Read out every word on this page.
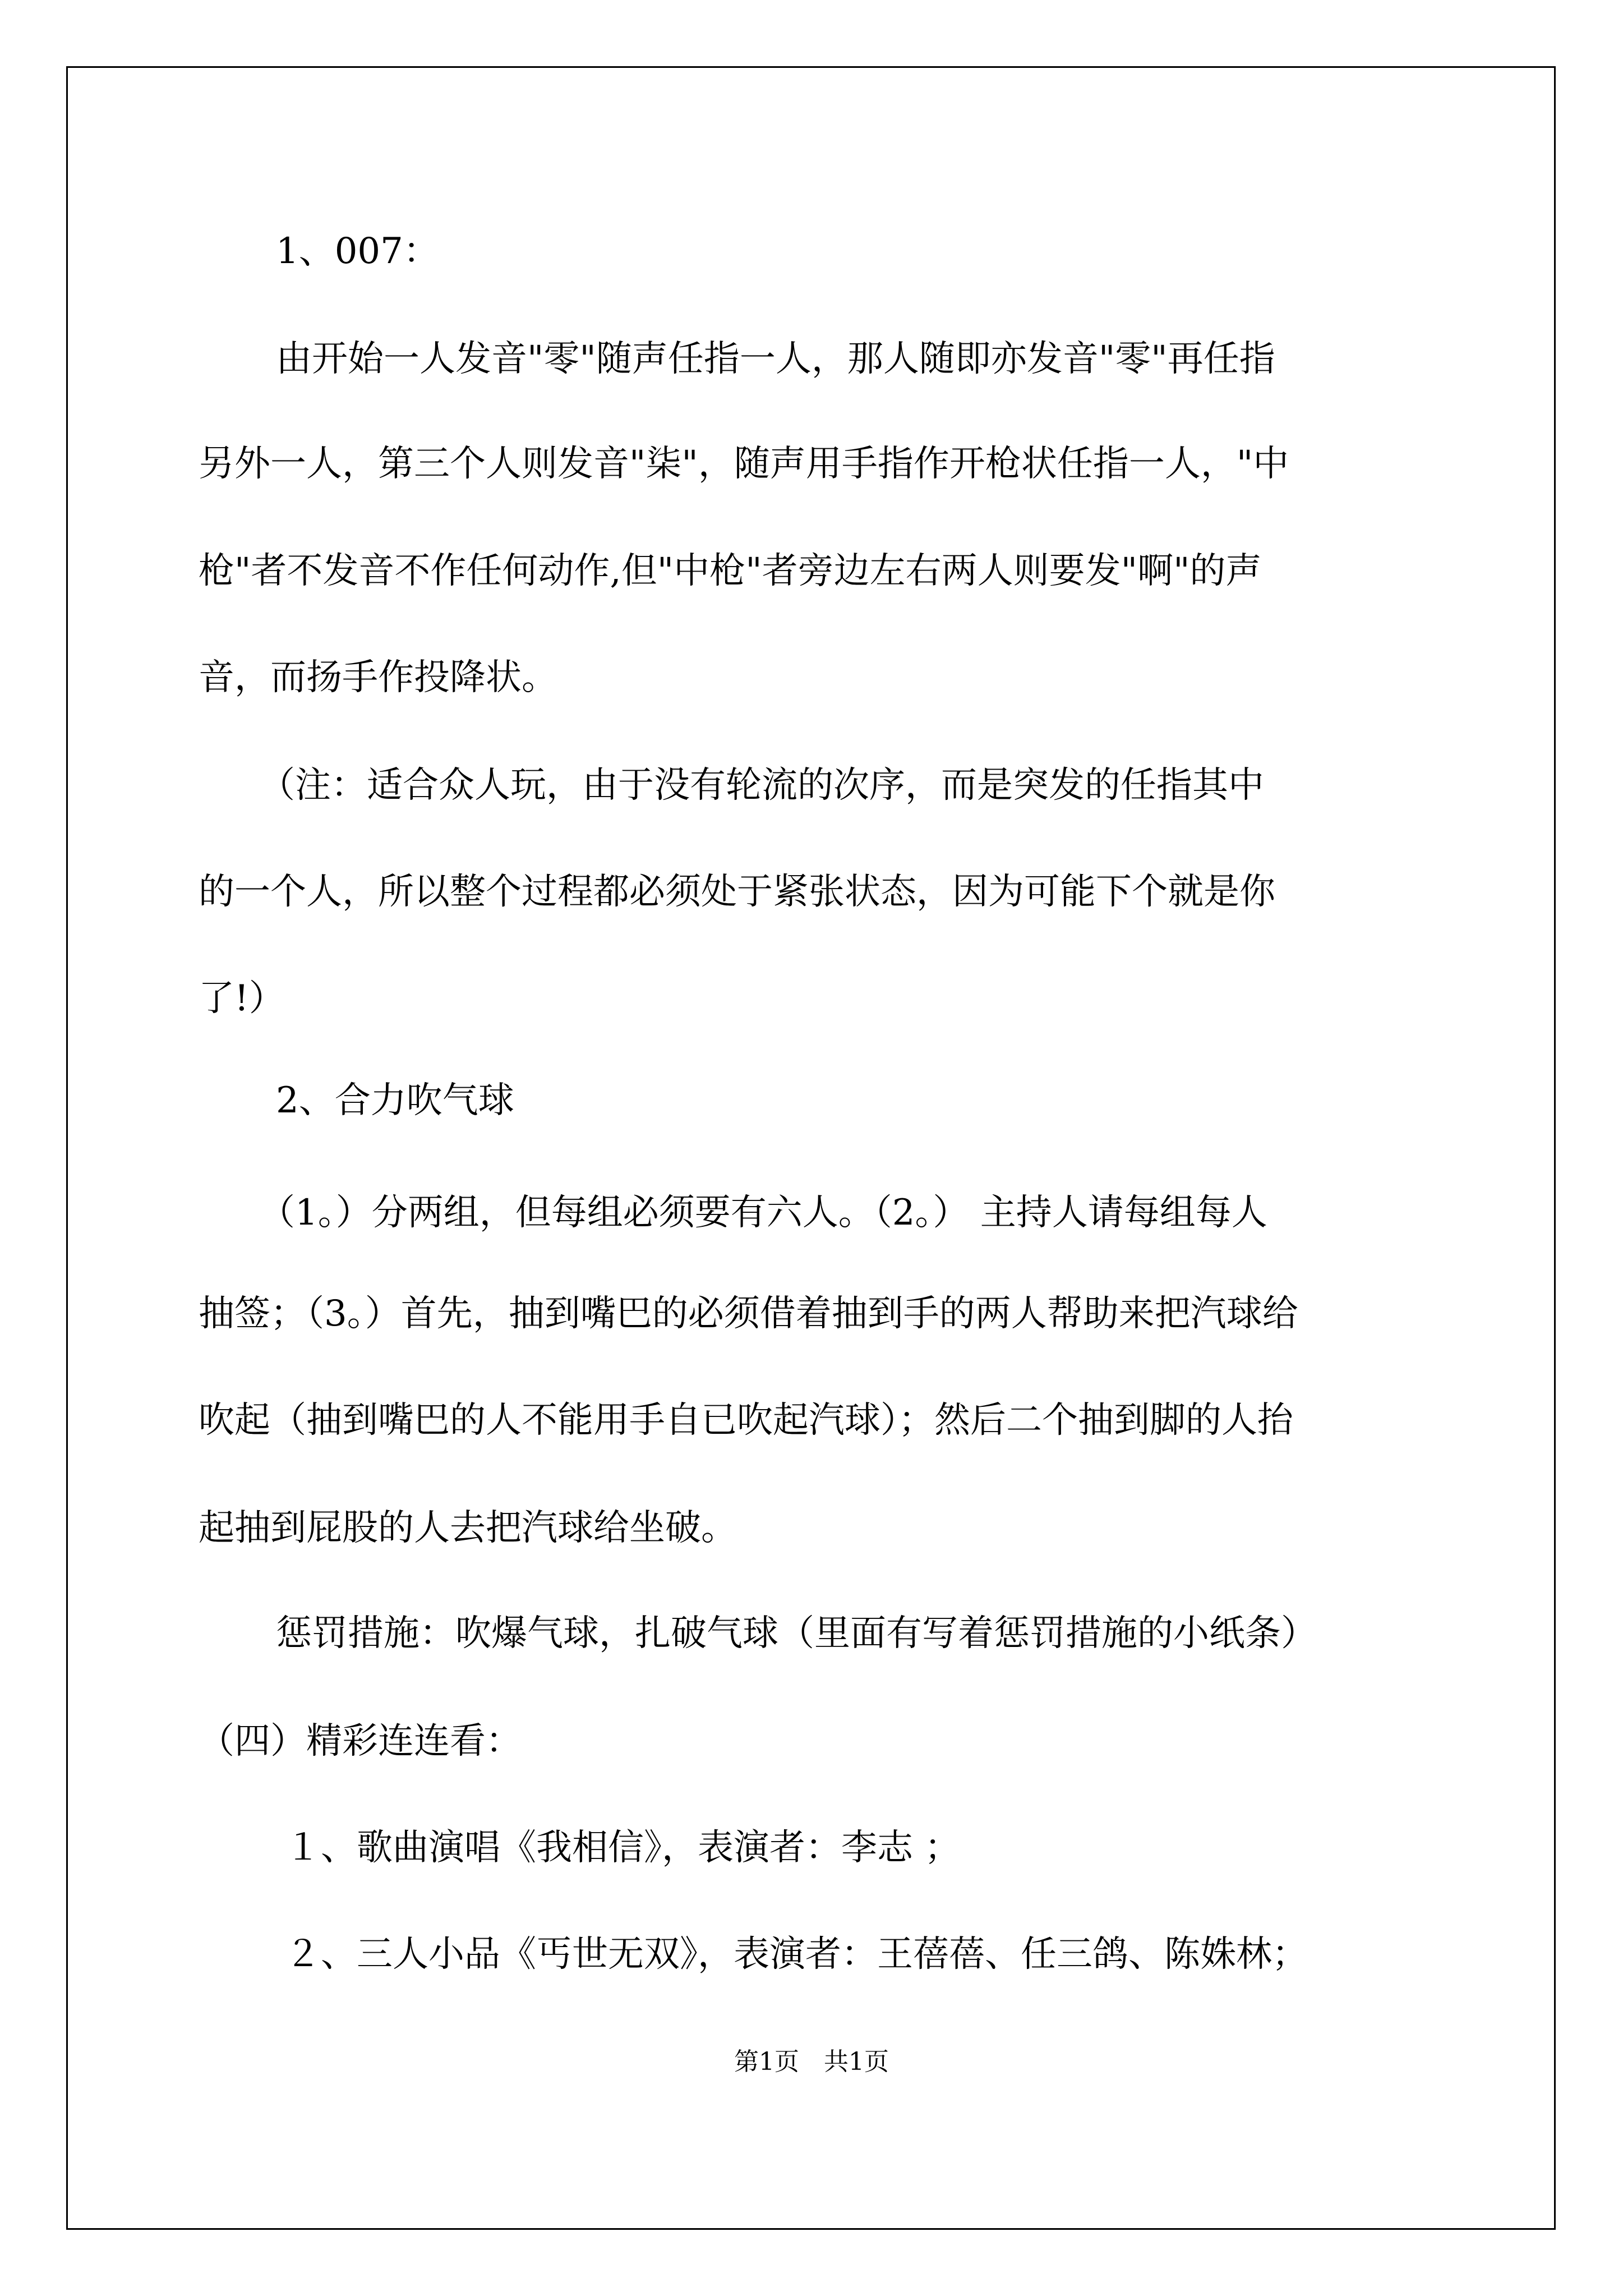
1、007：
由开始一人发音"零"随声任指一人，那人随即亦发音"零"再任指
另外一人，第三个人则发音"柒"，随声用手指作开枪状任指一人，"中
枪"者不发音不作任何动作,但"中枪"者旁边左右两人则要发"啊"的声
音，而扬手作投降状。
（注：适合众人玩，由于没有轮流的次序，而是突发的任指其中
的一个人，所以整个过程都必须处于紧张状态，因为可能下个就是你
了!）
2、合力吹气球
（1。）分两组，但每组必须要有六人。（2。） 主持人请每组每人
抽签；（3。）首先，抽到嘴巴的必须借着抽到手的两人帮助来把汽球给
吹起（抽到嘴巴的人不能用手自已吹起汽球）；然后二个抽到脚的人抬
起抽到屁股的人去把汽球给坐破。
惩罚措施：吹爆气球，扎破气球（里面有写着惩罚措施的小纸条）
（四）精彩连连看：
１、歌曲演唱《我相信》，表演者：李志 ；
２、三人小品《丐世无双》，表演者：王蓓蓓、任三鸽、陈姝林；
第1页　共1页
